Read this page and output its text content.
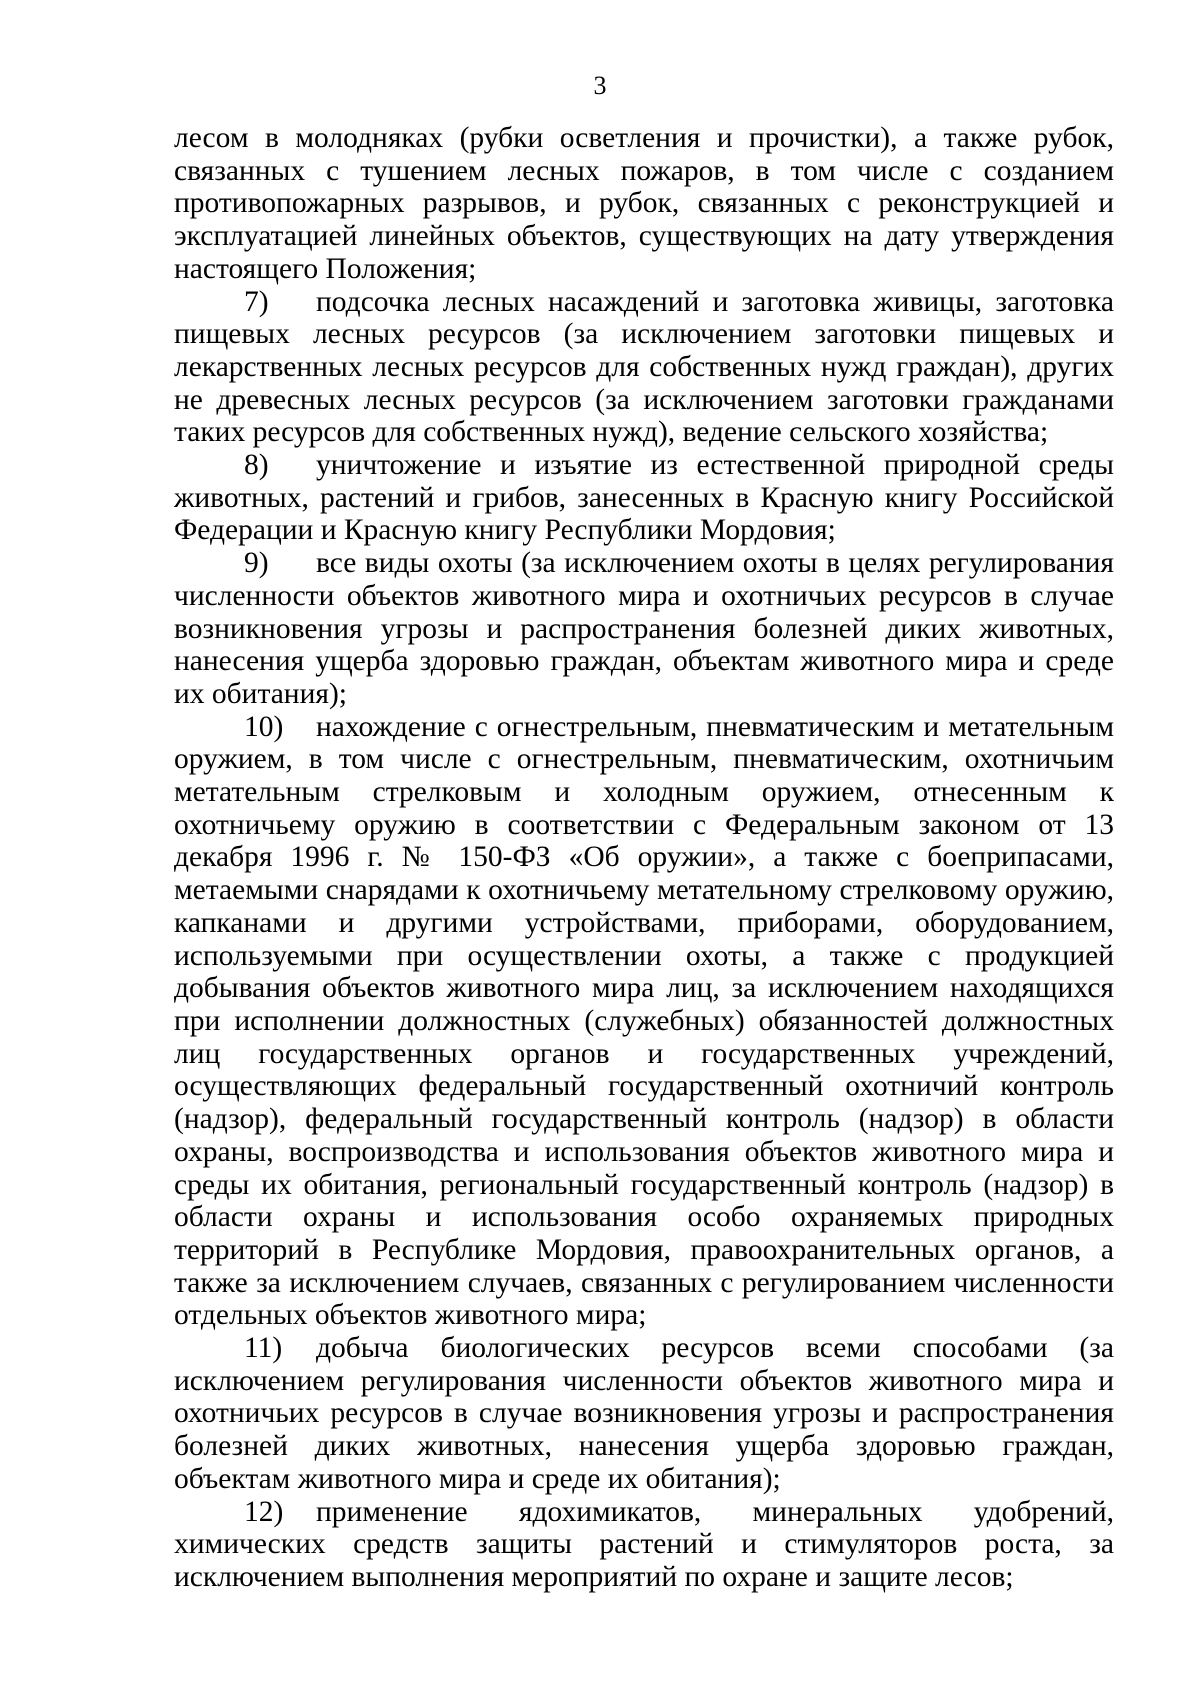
3

лесом в молодняках (рубки осветления и прочистки), а также рубок, связанных с тушением лесных пожаров, в том числе с созданием противопожарных разрывов, и рубок, связанных с реконструкцией и эксплуатацией линейных объектов, существующих на дату утверждения настоящего Положения;

7) подсочка лесных насаждений и заготовка живицы, заготовка пищевых лесных ресурсов (за исключением заготовки пищевых и лекарственных лесных ресурсов для собственных нужд граждан), других не древесных лесных ресурсов (за исключением заготовки гражданами таких ресурсов для собственных нужд), ведение сельского хозяйства;

8) уничтожение и изъятие из естественной природной среды животных, растений и грибов, занесенных в Красную книгу Российской Федерации и Красную книгу Республики Мордовия;

9) все виды охоты (за исключением охоты в целях регулирования численности объектов животного мира и охотничьих ресурсов в случае возникновения угрозы и распространения болезней диких животных, нанесения ущерба здоровью граждан, объектам животного мира и среде их обитания);

10) нахождение с огнестрельным, пневматическим и метательным оружием, в том числе с огнестрельным, пневматическим, охотничьим метательным стрелковым и холодным оружием, отнесенным к охотничьему оружию в соответствии с Федеральным законом от 13 декабря 1996 г. № 150-ФЗ «Об оружии», а также с боеприпасами, метаемыми снарядами к охотничьему метательному стрелковому оружию, капканами и другими устройствами, приборами, оборудованием, используемыми при осуществлении охоты, а также с продукцией добывания объектов животного мира лиц, за исключением находящихся при исполнении должностных (служебных) обязанностей должностных лиц государственных органов и государственных учреждений, осуществляющих федеральный государственный охотничий контроль (надзор), федеральный государственный контроль (надзор) в области охраны, воспроизводства и использования объектов животного мира и среды их обитания, региональный государственный контроль (надзор) в области охраны и использования особо охраняемых природных территорий в Республике Мордовия, правоохранительных органов, а также за исключением случаев, связанных с регулированием численности отдельных объектов животного мира;

11) добыча биологических ресурсов всеми способами (за исключением регулирования численности объектов животного мира и охотничьих ресурсов в случае возникновения угрозы и распространения болезней диких животных, нанесения ущерба здоровью граждан, объектам животного мира и среде их обитания);

12) применение ядохимикатов, минеральных удобрений, химических средств защиты растений и стимуляторов роста, за исключением выполнения мероприятий по охране и защите лесов;
